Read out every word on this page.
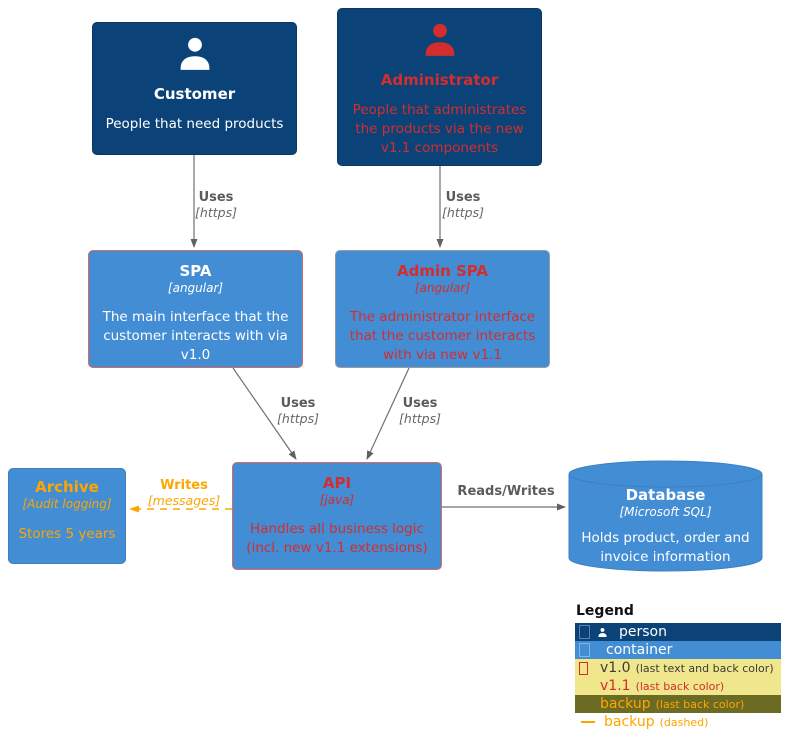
Customer
People that need products
Administrator
People that administrates the products via the new v1.1 components
SPA
[angular]
The main interface that the customer interacts with via v1.0
Admin SPA
[angular]
The administrator interface that the customer interacts with via new v1.1
API
[java]
Handles all business logic (incl. new v1.1 extensions)
Archive
[Audit logging]
Stores 5 years
Database
[Microsoft SQL]
Holds product, order and invoice information
Uses
[https]
Uses
[https]
Uses
[https]
Uses
[https]
Writes
[messages]
Reads/Writes
Legend
person
container
v1.0 (last text and back color)
v1.1 (last back color)
backup (last back color)
backup (dashed)
